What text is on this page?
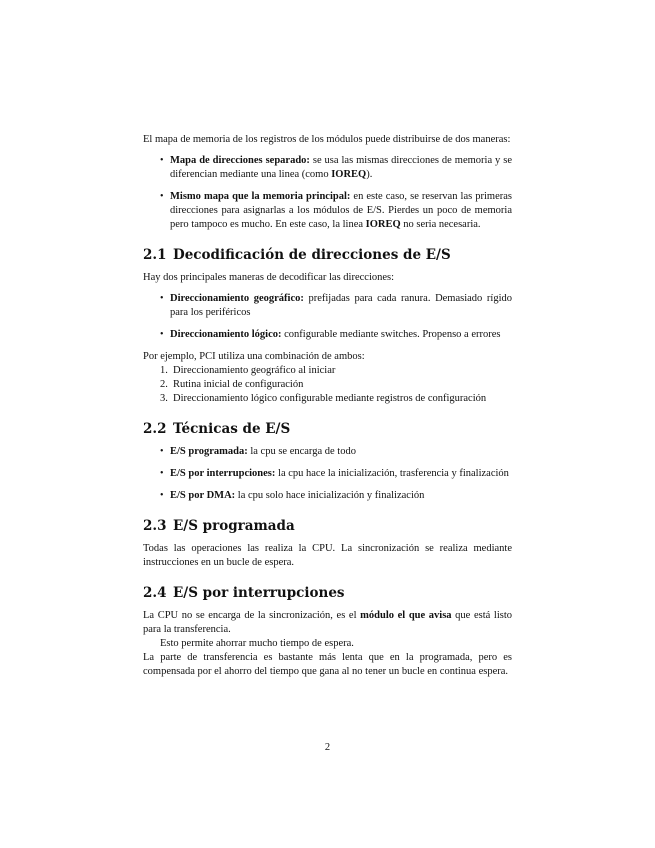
El mapa de memoria de los registros de los módulos puede distribuirse de dos maneras:

• Mapa de direcciones separado: se usa las mismas direcciones de memoria y se diferencian mediante una linea (como IOREQ).
• Mismo mapa que la memoria principal: en este caso, se reservan las primeras direcciones para asignarlas a los módulos de E/S. Pierdes un poco de memoria pero tampoco es mucho. En este caso, la linea IOREQ no seria necesaria.
2.1 Decodificación de direcciones de E/S

Hay dos principales maneras de decodificar las direcciones:

• Direccionamiento geográfico: prefijadas para cada ranura. Demasiado rígido para los periféricos
• Direccionamiento lógico: configurable mediante switches. Propenso a errores

Por ejemplo, PCI utiliza una combinación de ambos:

1. Direccionamiento geográfico al iniciar
2. Rutina inicial de configuración
3. Direccionamiento lógico configurable mediante registros de configuración
2.2 Técnicas de E/S
• E/S programada: la cpu se encarga de todo
• E/S por interrupciones: la cpu hace la inicialización, trasferencia y finalización
• E/S por DMA: la cpu solo hace inicialización y finalización
2.3 E/S programada

Todas las operaciones las realiza la CPU. La sincronización se realiza mediante instrucciones en un bucle de espera.

2.4 E/S por interrupciones

La CPU no se encarga de la sincronización, es el módulo el que avisa que está listo para la transferencia.

Esto permite ahorrar mucho tiempo de espera.

La parte de transferencia es bastante más lenta que en la programada, pero es compensada por el ahorro del tiempo que gana al no tener un bucle en continua espera.

2
